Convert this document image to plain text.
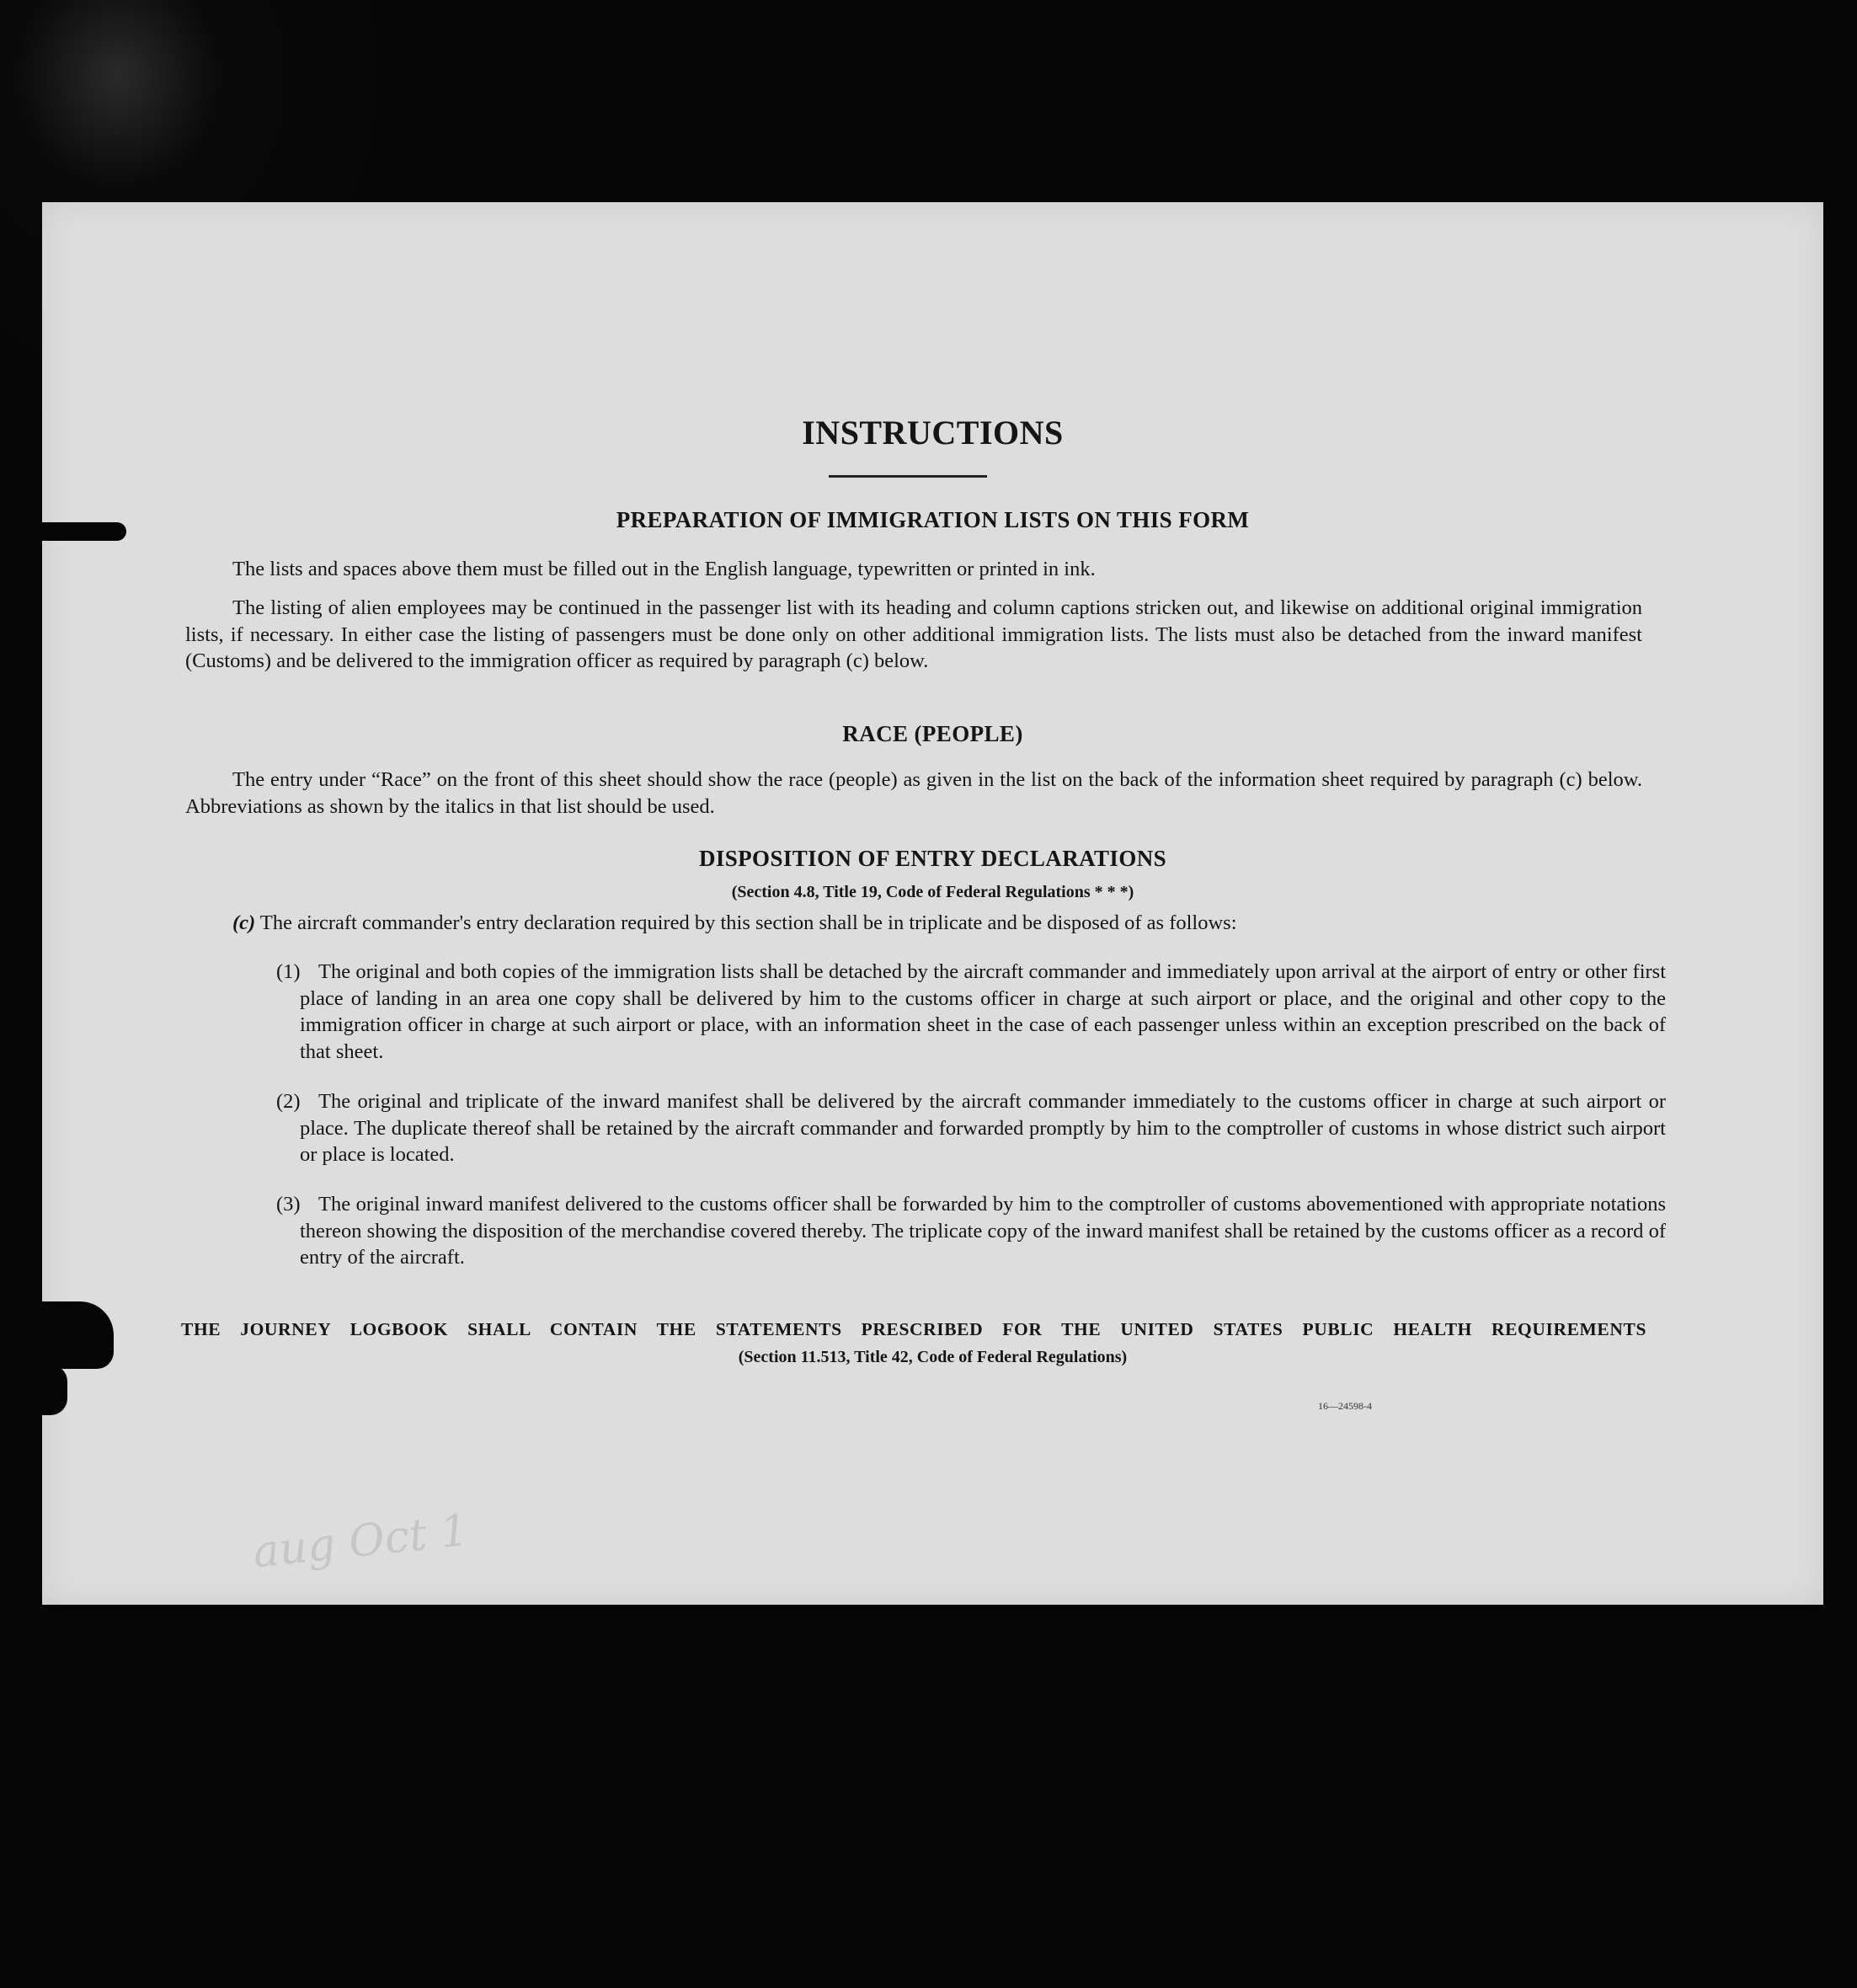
INSTRUCTIONS
PREPARATION OF IMMIGRATION LISTS ON THIS FORM
The lists and spaces above them must be filled out in the English language, typewritten or printed in ink.
The listing of alien employees may be continued in the passenger list with its heading and column captions stricken out, and likewise on additional original immigration lists, if necessary. In either case the listing of passengers must be done only on other additional immigration lists. The lists must also be detached from the inward manifest (Customs) and be delivered to the immigration officer as required by paragraph (c) below.
RACE (PEOPLE)
The entry under “Race” on the front of this sheet should show the race (people) as given in the list on the back of the information sheet required by paragraph (c) below. Abbreviations as shown by the italics in that list should be used.
DISPOSITION OF ENTRY DECLARATIONS
(Section 4.8, Title 19, Code of Federal Regulations * * *)
(c) The aircraft commander's entry declaration required by this section shall be in triplicate and be disposed of as follows:
(1) The original and both copies of the immigration lists shall be detached by the aircraft commander and immediately upon arrival at the airport of entry or other first place of landing in an area one copy shall be delivered by him to the customs officer in charge at such airport or place, and the original and other copy to the immigration officer in charge at such airport or place, with an information sheet in the case of each passenger unless within an exception prescribed on the back of that sheet.
(2) The original and triplicate of the inward manifest shall be delivered by the aircraft commander immediately to the customs officer in charge at such airport or place. The duplicate thereof shall be retained by the aircraft commander and forwarded promptly by him to the comptroller of customs in whose district such airport or place is located.
(3) The original inward manifest delivered to the customs officer shall be forwarded by him to the comptroller of customs abovementioned with appropriate notations thereon showing the disposition of the merchandise covered thereby. The triplicate copy of the inward manifest shall be retained by the customs officer as a record of entry of the aircraft.
THE JOURNEY LOGBOOK SHALL CONTAIN THE STATEMENTS PRESCRIBED FOR THE UNITED STATES PUBLIC HEALTH REQUIREMENTS
(Section 11.513, Title 42, Code of Federal Regulations)
16—24598-4
aug Oct 1
